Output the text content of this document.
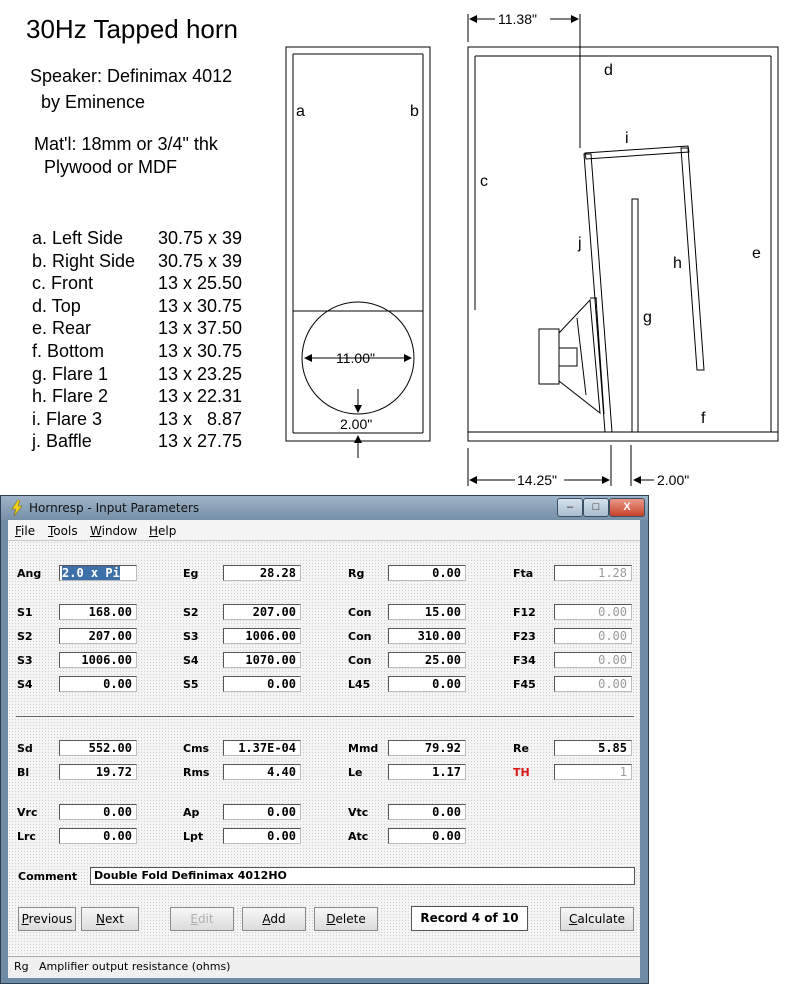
30Hz Tapped horn
Speaker: Definimax 4012
by Eminence
Mat'l: 18mm or 3/4" thk
Plywood or MDF
a. Left Side 30.75 x 39
b. Right Side 30.75 x 39
c. Front	13 x 25.50
d. Top	13 x 30.75
e. Rear	13 x 37.50
f. Bottom	13 x 30.75
g. Flare 1	13 x 23.25
h. Flare 2	13 x 22.31
i. Flare 3	13 x   8.87
j. Baffle	13 x 27.75
a	b
c
d
e
f
g
h
i
j
11.38"
11.00"
2.00"
14.25"	2.00"
Hornresp - Input Parameters	–	□	X
File Tools Window Help
Ang 2.0 x Pi	Eg	28.28	Rg	0.00	Fta	1.28
S1	168.00	S2	207.00	Con	15.00	F12	0.00
S2	207.00	S3	1006.00	Con	310.00	F23	0.00
S3	1006.00	S4	1070.00	Con	25.00	F34	0.00
S4	0.00	S5	0.00	L45	0.00	F45	0.00
Sd	552.00	Cms	1.37E-04	Mmd	79.92	Re	5.85
Bl	19.72	Rms	4.40	Le	1.17	TH	1
Vrc	0.00	Ap	0.00	Vtc	0.00
Lrc	0.00	Lpt	0.00	Atc	0.00
Comment	Double Fold Definimax 4012HO
Previous	Next	Edit	Add	Delete	Record 4 of 10	Calculate
Rg Amplifier output resistance (ohms)
